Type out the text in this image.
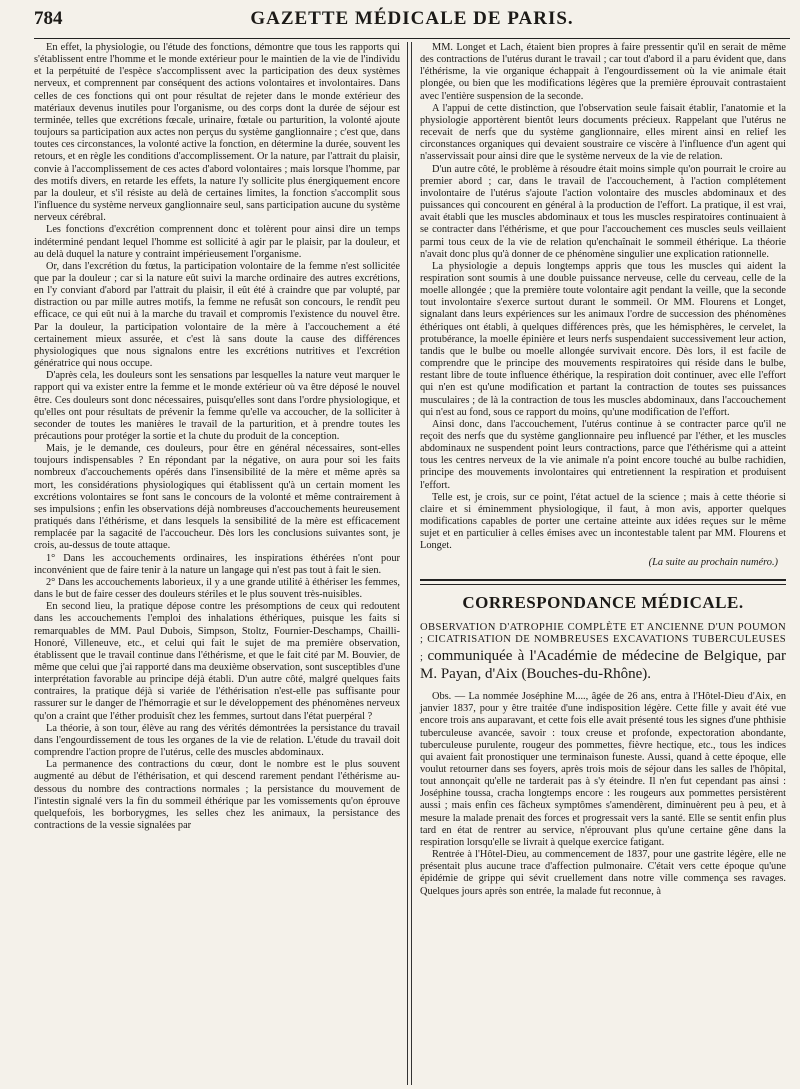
784	GAZETTE MÉDICALE DE PARIS.

En effet, la physiologie, ou l'étude des fonctions, démontre que tous les rapports qui s'établissent entre l'homme et le monde extérieur pour le maintien de la vie de l'individu et la perpétuité de l'espèce s'accomplissent avec la participation des deux systèmes nerveux, et comprennent par conséquent des actions volontaires et involontaires. Dans celles de ces fonctions qui ont pour résultat de rejeter dans le monde extérieur des matériaux devenus inutiles pour l'organisme, ou des corps dont la durée de séjour est terminée, telles que excrétions fœcale, urinaire, fœtale ou parturition, la volonté ajoute toujours sa participation aux actes non perçus du système ganglionnaire ; c'est que, dans toutes ces circonstances, la volonté active la fonction, en détermine la durée, souvent les retours, et en règle les conditions d'accomplissement. Or la nature, par l'attrait du plaisir, convie à l'accomplissement de ces actes d'abord volontaires ; mais lorsque l'homme, par des motifs divers, en retarde les effets, la nature l'y sollicite plus énergiquement encore par la douleur, et s'il résiste au delà de certaines limites, la fonction s'accomplit sous l'influence du système nerveux ganglionnaire seul, sans participation aucune du système nerveux cérébral.

Les fonctions d'excrétion comprennent donc et tolèrent pour ainsi dire un temps indéterminé pendant lequel l'homme est sollicité à agir par le plaisir, par la douleur, et au delà duquel la nature y contraint impérieusement l'organisme.

Or, dans l'excrétion du fœtus, la participation volontaire de la femme n'est sollicitée que par la douleur ; car si la nature eût suivi la marche ordinaire des autres excrétions, en l'y conviant d'abord par l'attrait du plaisir, il eût été à craindre que par volupté, par distraction ou par mille autres motifs, la femme ne refusât son concours, le rendît peu efficace, ce qui eût nui à la marche du travail et compromis l'existence du nouvel être. Par la douleur, la participation volontaire de la mère à l'accouchement a été certainement mieux assurée, et c'est là sans doute la cause des différences physiologiques que nous signalons entre les excrétions nutritives et l'excrétion génératrice qui nous occupe.

D'après cela, les douleurs sont les sensations par lesquelles la nature veut marquer le rapport qui va exister entre la femme et le monde extérieur où va être déposé le nouvel être. Ces douleurs sont donc nécessaires, puisqu'elles sont dans l'ordre physiologique, et qu'elles ont pour résultats de prévenir la femme qu'elle va accoucher, de la solliciter à seconder de toutes les manières le travail de la parturition, et à prendre toutes les précautions pour protéger la sortie et la chute du produit de la conception.

Mais, je le demande, ces douleurs, pour être en général nécessaires, sont-elles toujours indispensables ? En répondant par la négative, on aura pour soi les faits nombreux d'accouchements opérés dans l'insensibilité de la mère et même après sa mort, les considérations physiologiques qui établissent qu'à un certain moment les excrétions volontaires se font sans le concours de la volonté et même contrairement à ses impulsions ; enfin les observations déjà nombreuses d'accouchements heureusement pratiqués dans l'éthérisme, et dans lesquels la sensibilité de la mère est efficacement remplacée par la sagacité de l'accoucheur. Dès lors les conclusions suivantes sont, je crois, au-dessus de toute attaque.

1° Dans les accouchements ordinaires, les inspirations éthérées n'ont pour inconvénient que de faire tenir à la nature un langage qui n'est pas tout à fait le sien.

2° Dans les accouchements laborieux, il y a une grande utilité à éthériser les femmes, dans le but de faire cesser des douleurs stériles et le plus souvent très-nuisibles.

En second lieu, la pratique dépose contre les présomptions de ceux qui redoutent dans les accouchements l'emploi des inhalations éthériques, puisque les faits si remarquables de MM. Paul Dubois, Simpson, Stoltz, Fournier-Deschamps, Chailli-Honoré, Villeneuve, etc., et celui qui fait le sujet de ma première observation, établissent que le travail continue dans l'éthérisme, et que le fait cité par M. Bouvier, de même que celui que j'ai rapporté dans ma deuxième observation, sont susceptibles d'une interprétation favorable au principe déjà établi. D'un autre côté, malgré quelques faits contraires, la pratique déjà si variée de l'éthérisation n'est-elle pas suffisante pour rassurer sur le danger de l'hémorragie et sur le développement des phénomènes nerveux qu'on a craint que l'éther produisît chez les femmes, surtout dans l'état puerpéral ?

La théorie, à son tour, élève au rang des vérités démontrées la persistance du travail dans l'engourdissement de tous les organes de la vie de relation. L'étude du travail doit comprendre l'action propre de l'utérus, celle des muscles abdominaux.

La permanence des contractions du cœur, dont le nombre est le plus souvent augmenté au début de l'éthérisation, et qui descend rarement pendant l'éthérisme au-dessous du nombre des contractions normales ; la persistance du mouvement de l'intestin signalé vers la fin du sommeil éthérique par les vomissements qu'on éprouve quelquefois, les borborygmes, les selles chez les animaux, la persistance des contractions de la vessie signalées par

MM. Longet et Lach, étaient bien propres à faire pressentir qu'il en serait de même des contractions de l'utérus durant le travail ; car tout d'abord il a paru évident que, dans l'éthérisme, la vie organique échappait à l'engourdissement où la vie animale était plongée, ou bien que les modifications légères que la première éprouvait contrastaient avec l'entière suspension de la seconde.

A l'appui de cette distinction, que l'observation seule faisait établir, l'anatomie et la physiologie apportèrent bientôt leurs documents précieux. Rappelant que l'utérus ne recevait de nerfs que du système ganglionnaire, elles mirent ainsi en relief les circonstances organiques qui devaient soustraire ce viscère à l'influence d'un agent qui n'asservissait pour ainsi dire que le système nerveux de la vie de relation.

D'un autre côté, le problème à résoudre était moins simple qu'on pourrait le croire au premier abord ; car, dans le travail de l'accouchement, à l'action complétement involontaire de l'utérus s'ajoute l'action volontaire des muscles abdominaux et des puissances qui concourent en général à la production de l'effort. La pratique, il est vrai, avait établi que les muscles abdominaux et tous les muscles respiratoires continuaient à se contracter dans l'éthérisme, et que pour l'accouchement ces muscles seuls veillaient parmi tous ceux de la vie de relation qu'enchaînait le sommeil éthérique. La théorie n'avait donc plus qu'à donner de ce phénomène singulier une explication rationnelle.

La physiologie a depuis longtemps appris que tous les muscles qui aident la respiration sont soumis à une double puissance nerveuse, celle du cerveau, celle de la moelle allongée ; que la première toute volontaire agit pendant la veille, que la seconde tout involontaire s'exerce surtout durant le sommeil. Or MM. Flourens et Longet, signalant dans leurs expériences sur les animaux l'ordre de succession des phénomènes éthériques ont établi, à quelques différences près, que les hémisphères, le cervelet, la protubérance, la moelle épinière et leurs nerfs suspendaient successivement leur action, tandis que le bulbe ou moelle allongée survivait encore. Dès lors, il est facile de comprendre que le principe des mouvements respiratoires qui réside dans le bulbe, restant libre de toute influence éthérique, la respiration doit continuer, avec elle l'effort qui n'en est qu'une modification et partant la contraction de toutes ses puissances musculaires ; de là la contraction de tous les muscles abdominaux, dans l'accouchement qui n'est au fond, sous ce rapport du moins, qu'une modification de l'effort.

Ainsi donc, dans l'accouchement, l'utérus continue à se contracter parce qu'il ne reçoit des nerfs que du système ganglionnaire peu influencé par l'éther, et les muscles abdominaux ne suspendent point leurs contractions, parce que l'éthérisme qui a atteint tous les centres nerveux de la vie animale n'a point encore touché au bulbe rachidien, principe des mouvements involontaires qui entretiennent la respiration et produisent l'effort.

Telle est, je crois, sur ce point, l'état actuel de la science ; mais à cette théorie si claire et si éminemment physiologique, il faut, à mon avis, apporter quelques modifications capables de porter une certaine atteinte aux idées reçues sur le même sujet et en particulier à celles émises avec un incontestable talent par MM. Flourens et Longet.

(La suite au prochain numéro.)
CORRESPONDANCE MÉDICALE.
OBSERVATION D'ATROPHIE COMPLÈTE ET ANCIENNE D'UN POUMON ; CICATRISATION DE NOMBREUSES EXCAVATIONS TUBERCULEUSES ; communiquée à l'Académie de médecine de Belgique, par M. Payan, d'Aix (Bouches-du-Rhône).

Obs. — La nommée Joséphine M...., âgée de 26 ans, entra à l'Hôtel-Dieu d'Aix, en janvier 1837, pour y être traitée d'une indisposition légère. Cette fille y avait été vue encore trois ans auparavant, et cette fois elle avait présenté tous les signes d'une phthisie tuberculeuse avancée, savoir : toux creuse et profonde, expectoration abondante, tuberculeuse purulente, rougeur des pommettes, fièvre hectique, etc., tous les indices qui avaient fait pronostiquer une terminaison funeste. Aussi, quand à cette époque, elle voulut retourner dans ses foyers, après trois mois de séjour dans les salles de l'hôpital, tout annonçait qu'elle ne tarderait pas à s'y éteindre. Il n'en fut cependant pas ainsi : Joséphine toussa, cracha longtemps encore : les rougeurs aux pommettes persistèrent aussi ; mais enfin ces fâcheux symptômes s'amendèrent, diminuèrent peu à peu, et à mesure la malade prenait des forces et progressait vers la santé. Elle se sentit enfin plus tard en état de rentrer au service, n'éprouvant plus qu'une certaine gêne dans la respiration lorsqu'elle se livrait à quelque exercice fatigant.

Rentrée à l'Hôtel-Dieu, au commencement de 1837, pour une gastrite légère, elle ne présentait plus aucune trace d'affection pulmonaire. C'était vers cette époque qu'une épidémie de grippe qui sévit cruellement dans notre ville commença ses ravages. Quelques jours après son entrée, la malade fut reconnue, à
